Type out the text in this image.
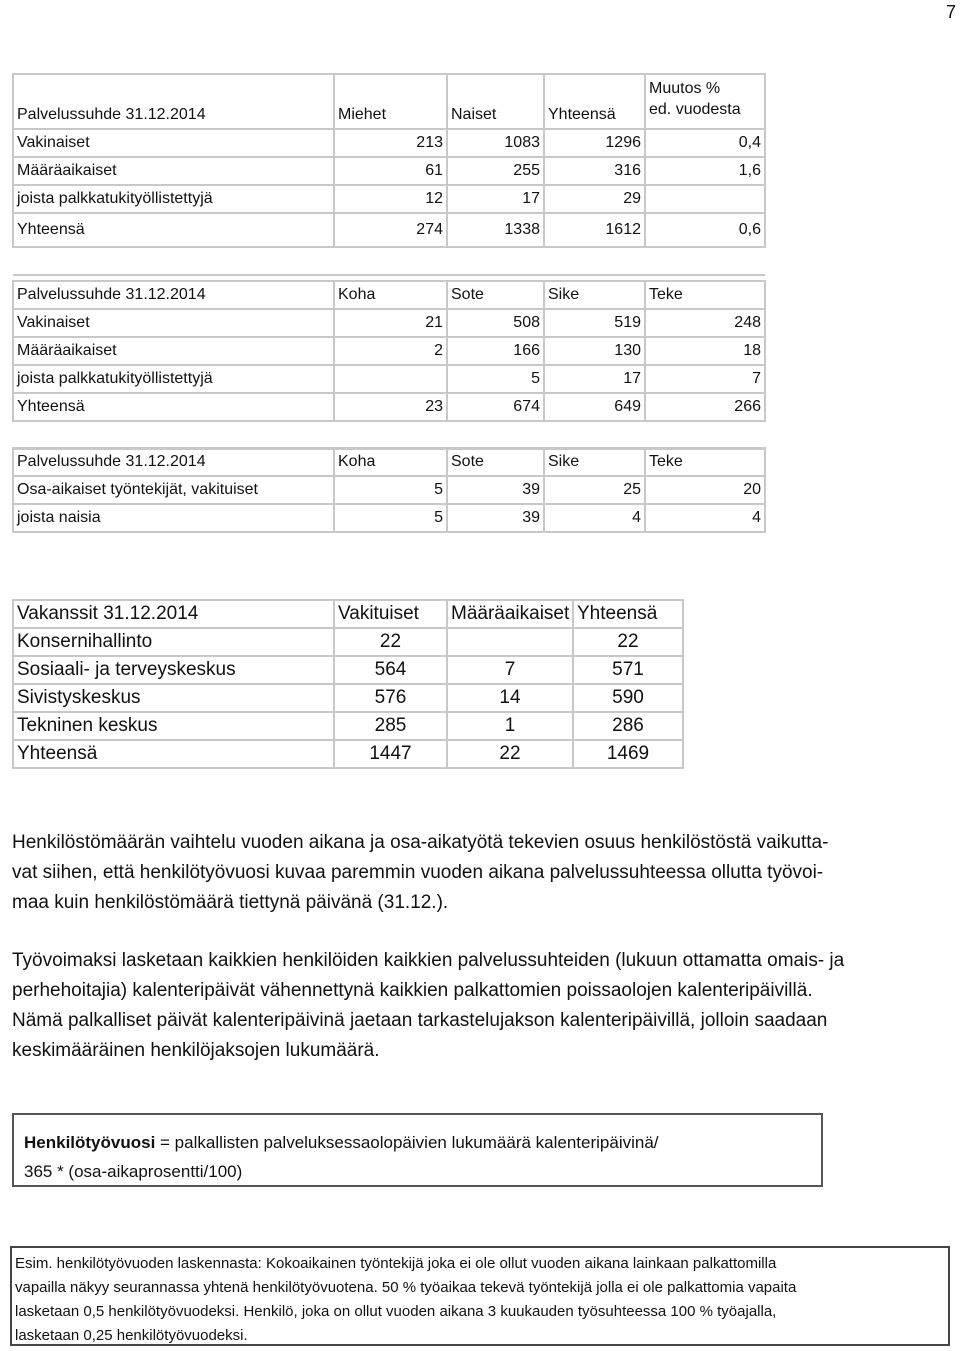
7
Palvelussuhde 31.12.2014	Miehet	Naiset	Yhteensä	Muutos %
ed. vuodesta

Vakinaiset	213	1083	1296	0,4
Määräaikaiset	61	255	316	1,6
joista palkkatukityöllistettyjä	12	17	29	
Yhteensä	274	1338	1612	0,6

Palvelussuhde 31.12.2014	Koha	Sote	Sike	Teke
Vakinaiset	21	508	519	248
Määräaikaiset	2	166	130	18
joista palkkatukityöllistettyjä		5	17	7
Yhteensä	23	674	649	266

Palvelussuhde 31.12.2014	Koha	Sote	Sike	Teke
Osa-aikaiset työntekijät, vakituiset	5	39	25	20
joista naisia	5	39	4	4
Vakanssit 31.12.2014	Vakituiset	Määräaikaiset	Yhteensä
Konsernihallinto	22		22
Sosiaali- ja terveyskeskus	564	7	571
Sivistyskeskus	576	14	590
Tekninen keskus	285	1	286
Yhteensä	1447	22	1469
Henkilöstömäärän vaihtelu vuoden aikana ja osa-aikatyötä tekevien osuus henkilöstöstä vaikutta-
vat siihen, että henkilötyövuosi kuvaa paremmin vuoden aikana palvelussuhteessa ollutta työvoi-
maa kuin henkilöstömäärä tiettynä päivänä (31.12.).
Työvoimaksi lasketaan kaikkien henkilöiden kaikkien palvelussuhteiden (lukuun ottamatta omais- ja
perhehoitajia) kalenteripäivät vähennettynä kaikkien palkattomien poissaolojen kalenteripäivillä.
Nämä palkalliset päivät kalenteripäivinä jaetaan tarkastelujakson kalenteripäivillä, jolloin saadaan
keskimääräinen henkilöjaksojen lukumäärä.
Henkilötyövuosi = palkallisten palveluksessaolopäivien lukumäärä kalenteripäivinä/
365 * (osa-aikaprosentti/100)

Esim. henkilötyövuoden laskennasta: Kokoaikainen työntekijä joka ei ole ollut vuoden aikana lainkaan palkattomilla

vapailla näkyy seurannassa yhtenä henkilötyövuotena. 50 % työaikaa tekevä työntekijä jolla ei ole palkattomia vapaita

lasketaan 0,5 henkilötyövuodeksi. Henkilö, joka on ollut vuoden aikana 3 kuukauden työsuhteessa 100 % työajalla,

lasketaan 0,25 henkilötyövuodeksi.
